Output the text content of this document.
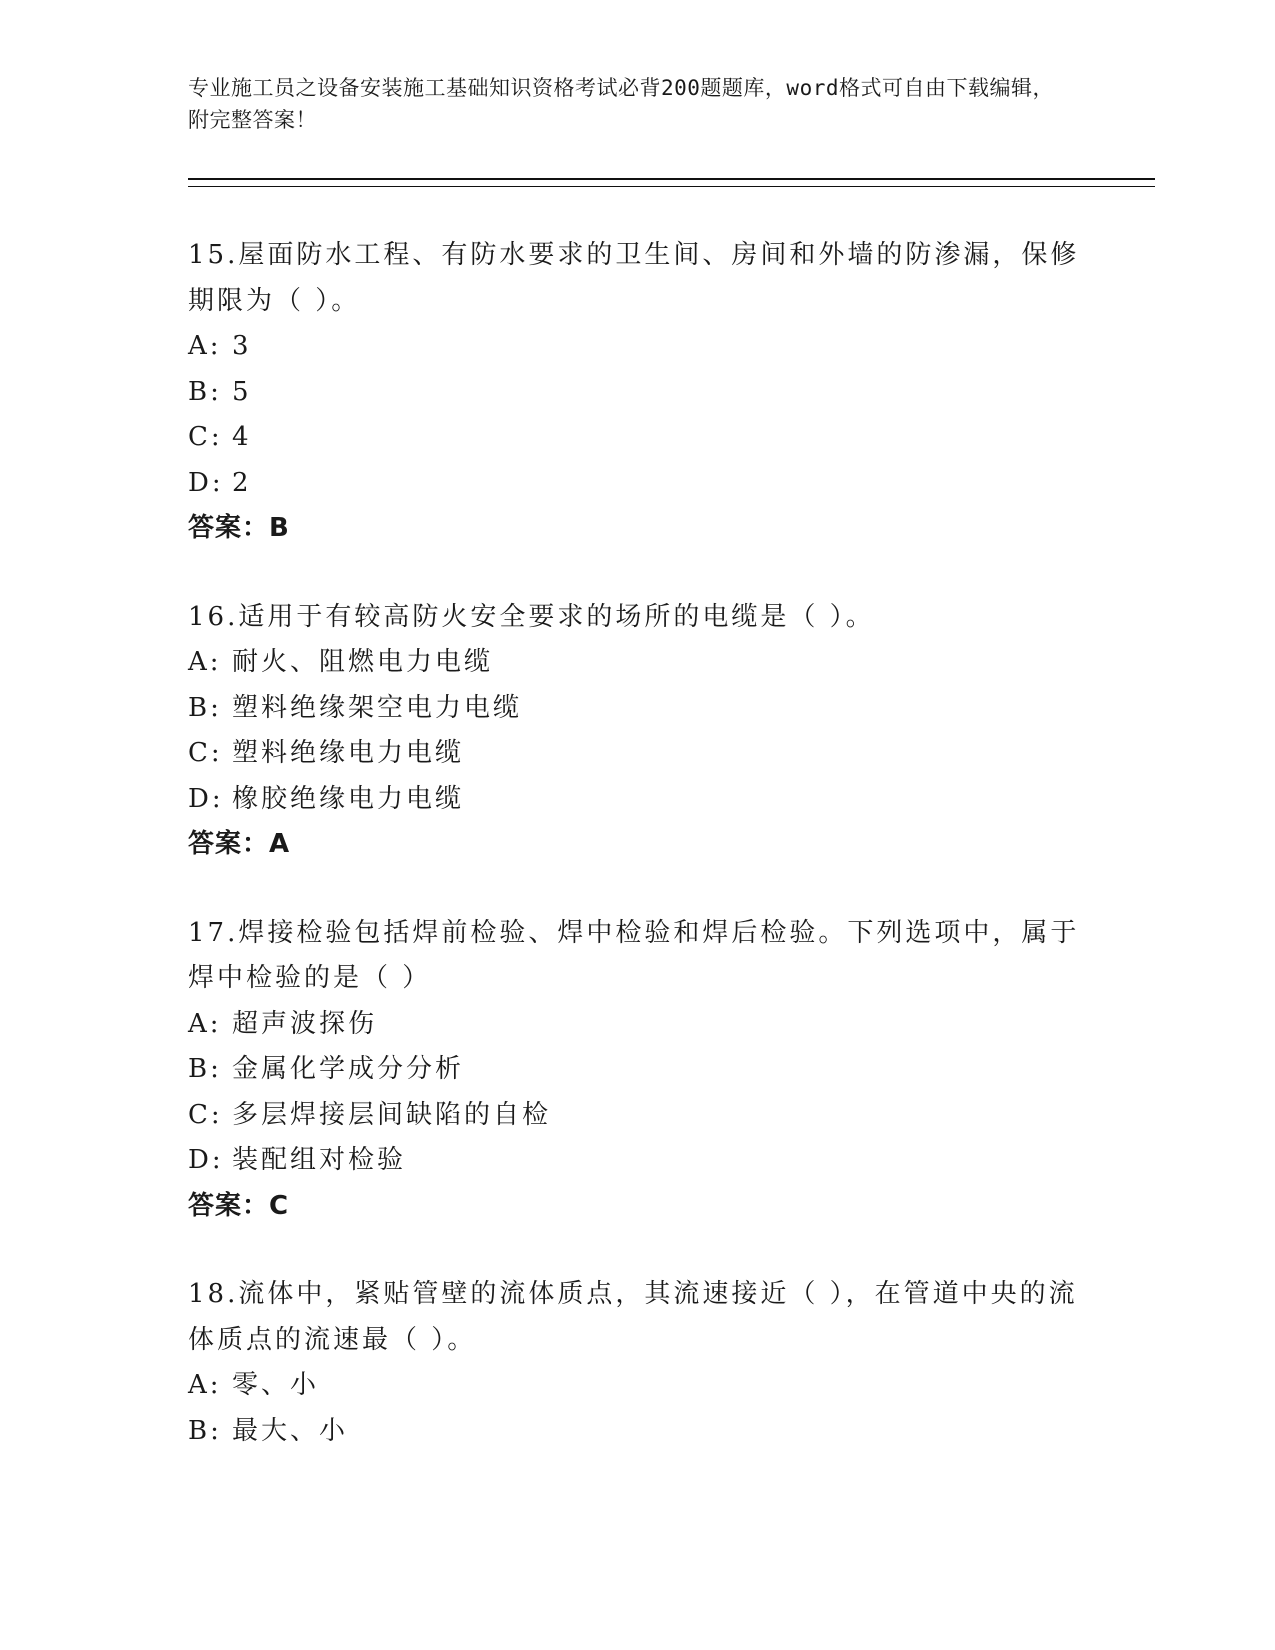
专业施工员之设备安装施工基础知识资格考试必背200题题库，word格式可自由下载编辑，附完整答案！
15.屋面防水工程、有防水要求的卫生间、房间和外墙的防渗漏，保修期限为（ ）。
A: 3
B: 5
C: 4
D: 2
答案：B
16.适用于有较高防火安全要求的场所的电缆是（ ）。
A: 耐火、阻燃电力电缆
B: 塑料绝缘架空电力电缆
C: 塑料绝缘电力电缆
D: 橡胶绝缘电力电缆
答案：A
17.焊接检验包括焊前检验、焊中检验和焊后检验。下列选项中，属于焊中检验的是（ ）
A: 超声波探伤
B: 金属化学成分分析
C: 多层焊接层间缺陷的自检
D: 装配组对检验
答案：C
18.流体中，紧贴管壁的流体质点，其流速接近（ ），在管道中央的流体质点的流速最（ ）。
A: 零、小
B: 最大、小
